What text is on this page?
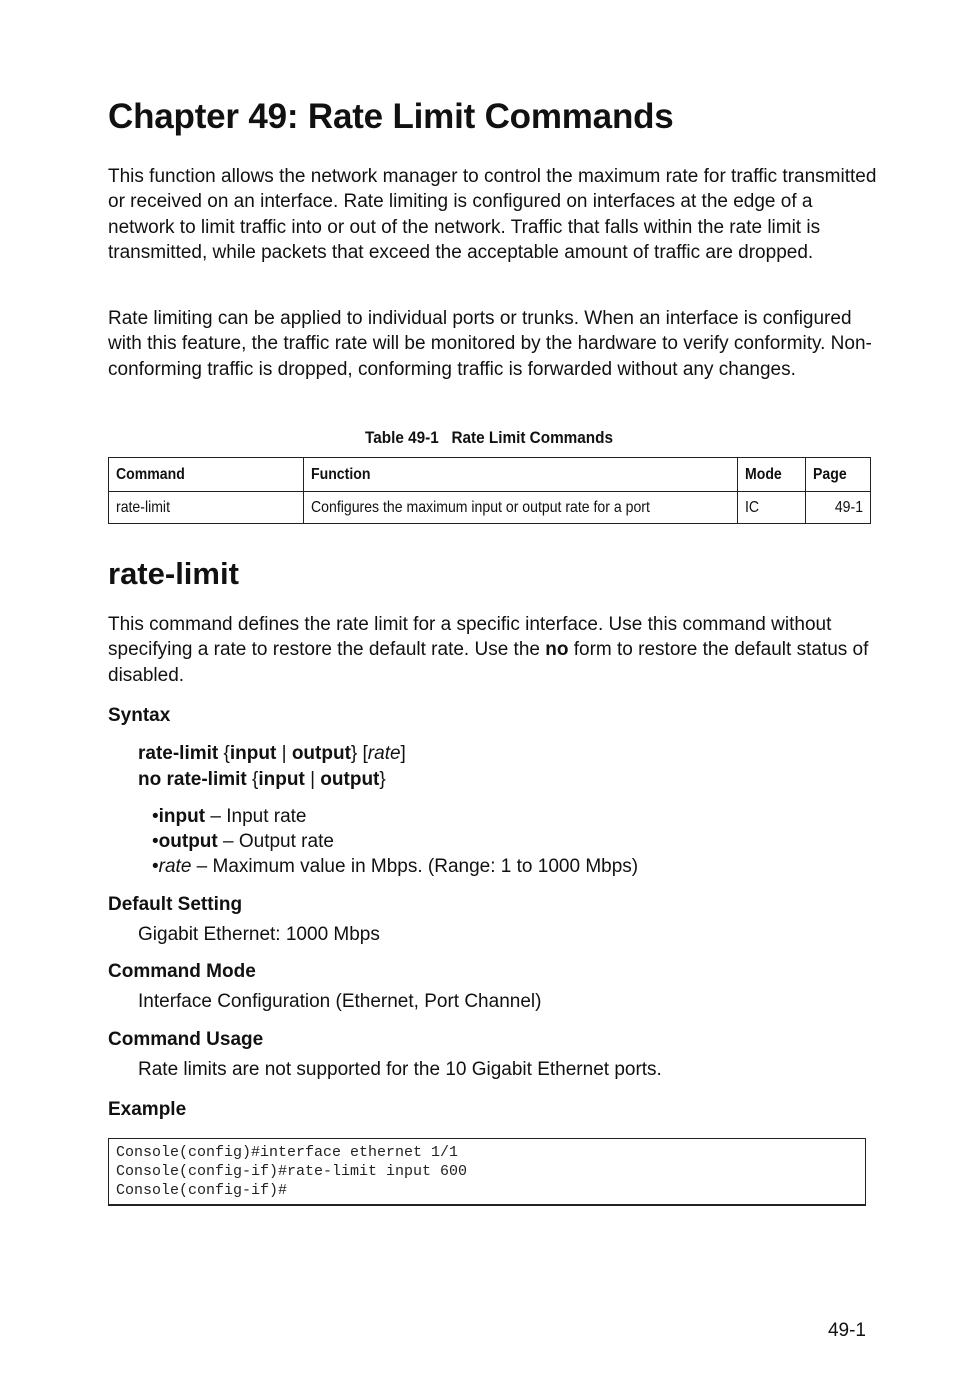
Chapter 49: Rate Limit Commands

This function allows the network manager to control the maximum rate for traffic transmitted or received on an interface. Rate limiting is configured on interfaces at the edge of a network to limit traffic into or out of the network. Traffic that falls within the rate limit is transmitted, while packets that exceed the acceptable amount of traffic are dropped.

Rate limiting can be applied to individual ports or trunks. When an interface is configured with this feature, the traffic rate will be monitored by the hardware to verify conformity. Non-conforming traffic is dropped, conforming traffic is forwarded without any changes.

Table 49-1   Rate Limit Commands
Command	Function	Mode	Page
rate-limit	Configures the maximum input or output rate for a port	IC	49-1
rate-limit

This command defines the rate limit for a specific interface. Use this command without specifying a rate to restore the default rate. Use the no form to restore the default status of disabled.

Syntax

rate-limit {input | output} [rate]

no rate-limit {input | output}

•input – Input rate

•output – Output rate

•rate – Maximum value in Mbps. (Range: 1 to 1000 Mbps)

Default Setting

Gigabit Ethernet: 1000 Mbps

Command Mode

Interface Configuration (Ethernet, Port Channel)

Command Usage

Rate limits are not supported for the 10 Gigabit Ethernet ports.

Example
Console(config)#interface ethernet 1/1
Console(config-if)#rate-limit input 600
Console(config-if)#
49-1
